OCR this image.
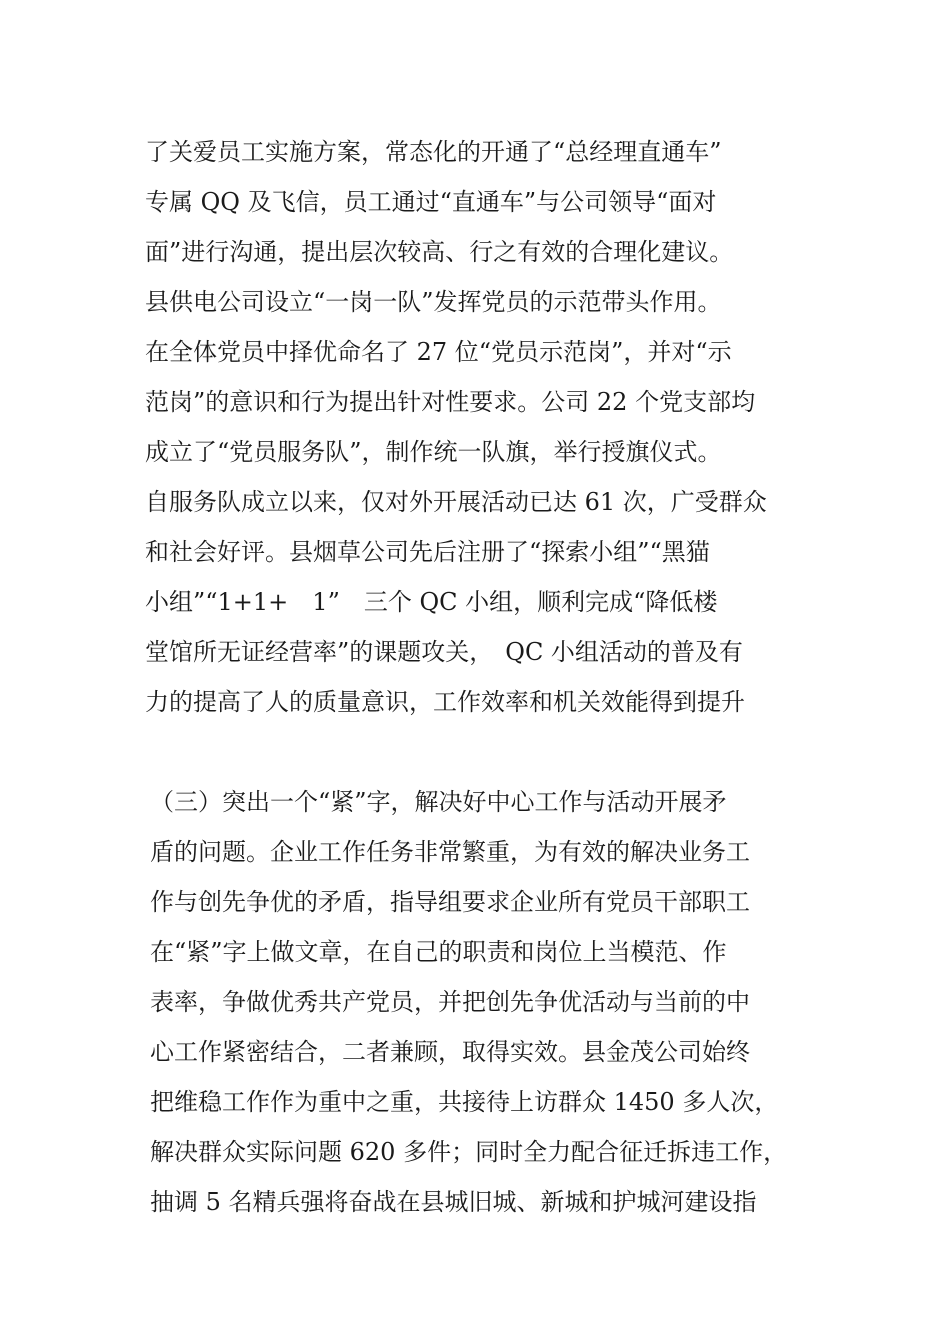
了关爱员工实施方案，常态化的开通了“总经理直通车”
专属 QQ 及飞信，员工通过“直通车”与公司领导“面对
面”进行沟通，提出层次较高、行之有效的合理化建议。
县供电公司设立“一岗一队”发挥党员的示范带头作用。
在全体党员中择优命名了 27 位“党员示范岗”，并对“示
范岗”的意识和行为提出针对性要求。公司 22 个党支部均
成立了“党员服务队”，制作统一队旗，举行授旗仪式。
自服务队成立以来，仅对外开展活动已达 61 次，广受群众
和社会好评。县烟草公司先后注册了“探索小组”“黑猫
小组”“1+1+　1”　三个 QC 小组，顺利完成“降低楼
堂馆所无证经营率”的课题攻关，　QC 小组活动的普及有
力的提高了人的质量意识，工作效率和机关效能得到提升
（三）突出一个“紧”字，解决好中心工作与活动开展矛
盾的问题。企业工作任务非常繁重，为有效的解决业务工
作与创先争优的矛盾，指导组要求企业所有党员干部职工
在“紧”字上做文章，在自己的职责和岗位上当模范、作
表率，争做优秀共产党员，并把创先争优活动与当前的中
心工作紧密结合，二者兼顾，取得实效。县金茂公司始终
把维稳工作作为重中之重，共接待上访群众 1450 多人次，
解决群众实际问题 620 多件；同时全力配合征迁拆违工作，
抽调 5 名精兵强将奋战在县城旧城、新城和护城河建设指
